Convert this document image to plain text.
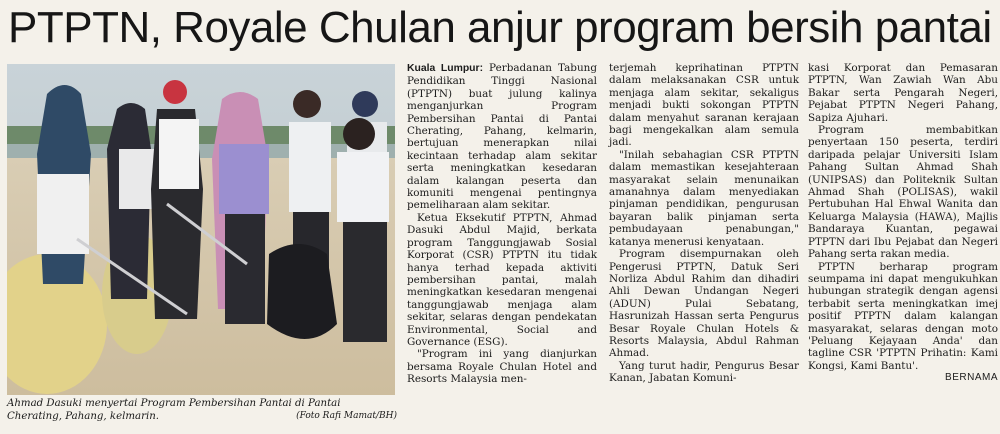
PTPTN, Royale Chulan anjur program bersih pantai
Ahmad Dasuki menyertai Program Pembersihan Pantai di Pantai Cherating, Pahang, kelmarin.	(Foto Rafi Mamat/BH)

Kuala Lumpur: Perbadanan Tabung Pendidikan Tinggi Nasional (PTPTN) buat julung kalinya menganjurkan Program Pembersihan Pantai di Pantai Cherating, Pahang, kelmarin, bertujuan menerapkan nilai kecintaan terhadap alam sekitar serta meningkatkan kesedaran dalam kalangan peserta dan komuniti mengenai pentingnya pemeliharaan alam sekitar.

Ketua Eksekutif PTPTN, Ahmad Dasuki Abdul Majid, berkata program Tanggungjawab Sosial Korporat (CSR) PTPTN itu tidak hanya terhad kepada aktiviti pembersihan pantai, malah meningkatkan kesedaran mengenai tanggungjawab menjaga alam sekitar, selaras dengan pendekatan Environmental, Social and Governance (ESG).

"Program ini yang dianjurkan bersama Royale Chulan Hotel and Resorts Malaysia men-

terjemah keprihatinan PTPTN dalam melaksanakan CSR untuk menjaga alam sekitar, sekaligus menjadi bukti sokongan PTPTN dalam menyahut saranan kerajaan bagi mengekalkan alam semula jadi.

"Inilah sebahagian CSR PTPTN dalam memastikan kesejahteraan masyarakat selain menunaikan amanahnya dalam menyediakan pinjaman pendidikan, pengurusan bayaran balik pinjaman serta pembudayaan penabungan," katanya menerusi kenyataan.

Program disempurnakan oleh Pengerusi PTPTN, Datuk Seri Norliza Abdul Rahim dan dihadiri Ahli Dewan Undangan Negeri (ADUN) Pulai Sebatang, Hasrunizah Hassan serta Pengurus Besar Royale Chulan Hotels & Resorts Malaysia, Abdul Rahman Ahmad.

Yang turut hadir, Pengurus Besar Kanan, Jabatan Komuni-

kasi Korporat dan Pemasaran PTPTN, Wan Zawiah Wan Abu Bakar serta Pengarah Negeri, Pejabat PTPTN Negeri Pahang, Sapiza Ajuhari.

Program membabitkan penyertaan 150 peserta, terdiri daripada pelajar Universiti Islam Pahang Sultan Ahmad Shah (UNIPSAS) dan Politeknik Sultan Ahmad Shah (POLISAS), wakil Pertubuhan Hal Ehwal Wanita dan Keluarga Malaysia (HAWA), Majlis Bandaraya Kuantan, pegawai PTPTN dari Ibu Pejabat dan Negeri Pahang serta rakan media.

PTPTN berharap program seumpama ini dapat mengukuhkan hubungan strategik dengan agensi terbabit serta meningkatkan imej positif PTPTN dalam kalangan masyarakat, selaras dengan moto 'Peluang Kejayaan Anda' dan tagline CSR 'PTPTN Prihatin: Kami Kongsi, Kami Bantu'.

BERNAMA
